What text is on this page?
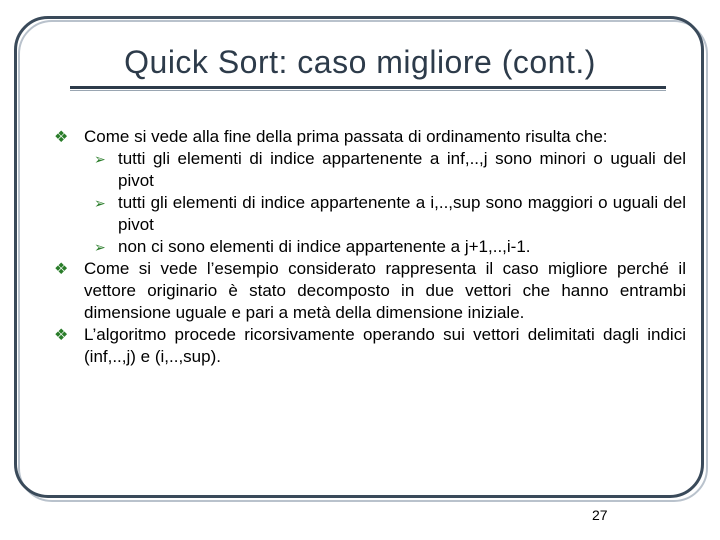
Quick Sort: caso migliore (cont.)

❖ Come si vede alla fine della prima passata di ordinamento risulta che:

➢ tutti gli elementi di indice appartenente a inf,..,j sono minori o uguali del pivot

➢ tutti gli elementi di indice appartenente a i,..,sup sono maggiori o uguali del pivot

➢ non ci sono elementi di indice appartenente a j+1,..,i-1.

❖ Come si vede l’esempio considerato rappresenta il caso migliore perché il vettore originario è stato decomposto in due vettori che hanno entrambi dimensione uguale e pari a metà della dimensione iniziale.

❖ L’algoritmo procede ricorsivamente operando sui vettori delimitati dagli indici (inf,..,j) e (i,..,sup).

27
